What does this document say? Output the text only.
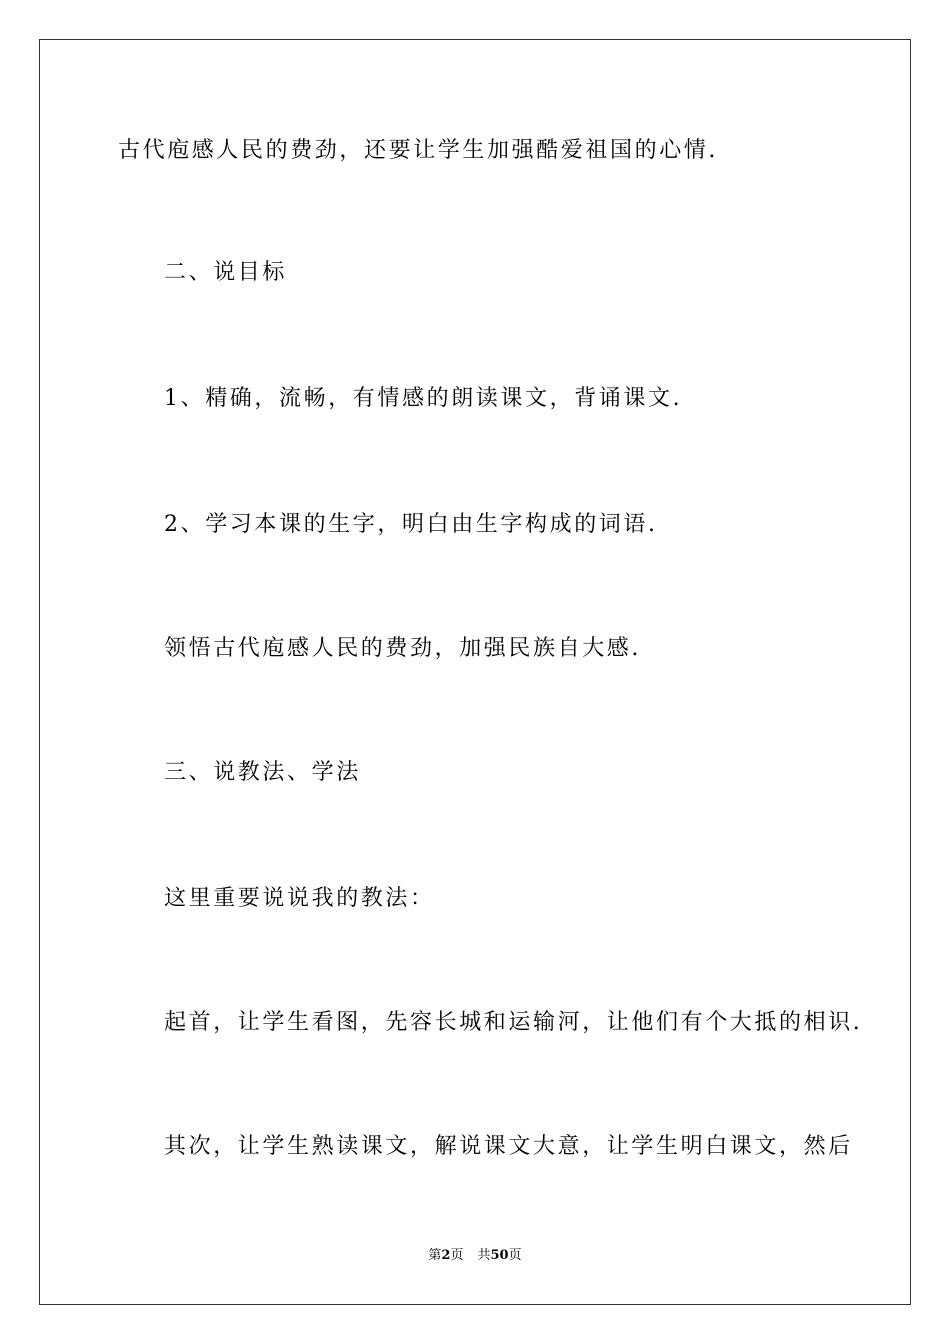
古代庖感人民的费劲，还要让学生加强酷爱祖国的心情.
二、说目标
1、精确，流畅，有情感的朗读课文，背诵课文.
2、学习本课的生字，明白由生字构成的词语.
领悟古代庖感人民的费劲，加强民族自大感.
三、说教法、学法
这里重要说说我的教法：
起首，让学生看图，先容长城和运输河，让他们有个大抵的相识.
其次，让学生熟读课文，解说课文大意，让学生明白课文，然后
第2页 共50页
